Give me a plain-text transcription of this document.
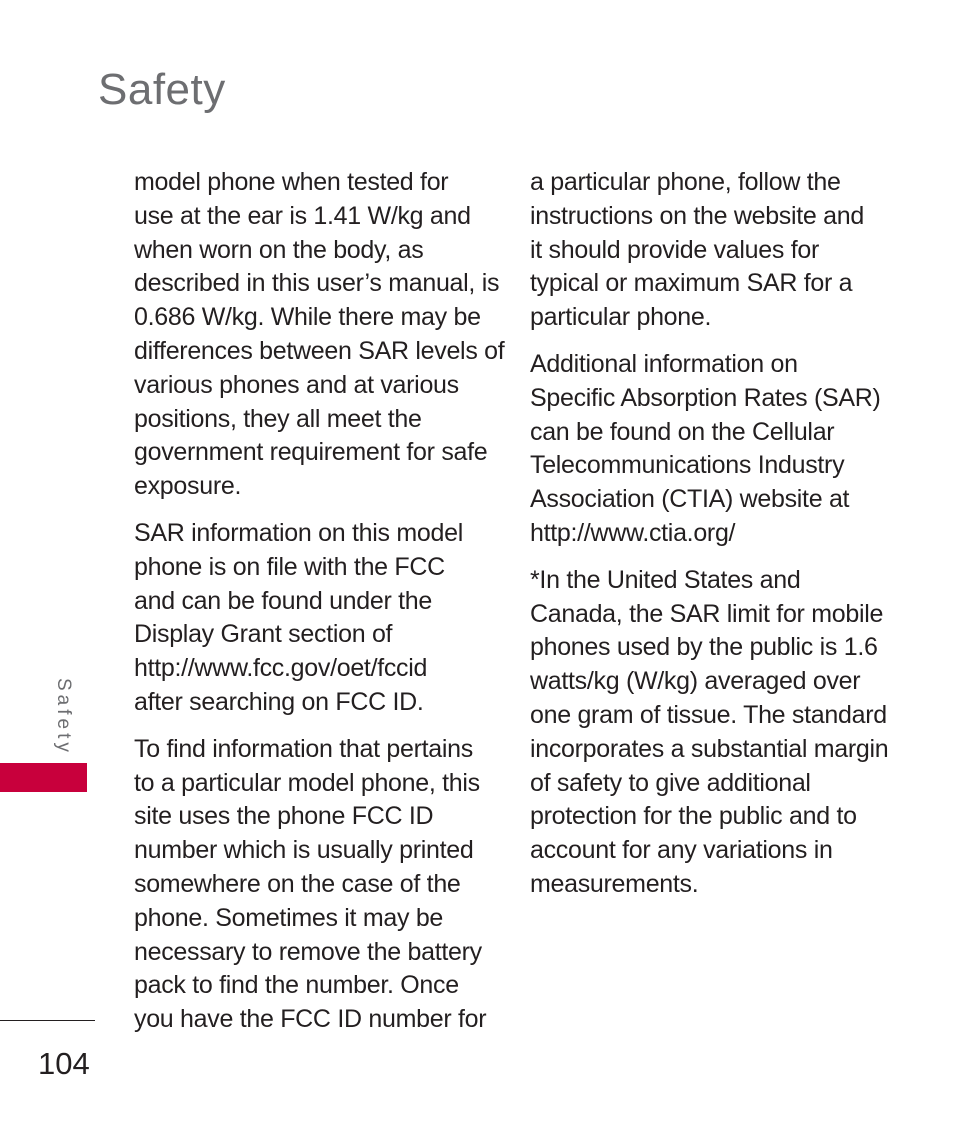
Safety

model phone when tested for
use at the ear is 1.41 W/kg and
when worn on the body, as
described in this user’s manual, is
0.686 W/kg. While there may be
differences between SAR levels of
various phones and at various
positions, they all meet the
government requirement for safe
exposure.

SAR information on this model
phone is on file with the FCC
and can be found under the
Display Grant section of
http://www.fcc.gov/oet/fccid
after searching on FCC ID.

To find information that pertains
to a particular model phone, this
site uses the phone FCC ID
number which is usually printed
somewhere on the case of the
phone. Sometimes it may be
necessary to remove the battery
pack to find the number. Once
you have the FCC ID number for

a particular phone, follow the
instructions on the website and
it should provide values for
typical or maximum SAR for a
particular phone.

Additional information on
Specific Absorption Rates (SAR)
can be found on the Cellular
Telecommunications Industry
Association (CTIA) website at
http://www.ctia.org/

*In the United States and
Canada, the SAR limit for mobile
phones used by the public is 1.6
watts/kg (W/kg) averaged over
one gram of tissue. The standard
incorporates a substantial margin
of safety to give additional
protection for the public and to
account for any variations in
measurements.

Safety
104
